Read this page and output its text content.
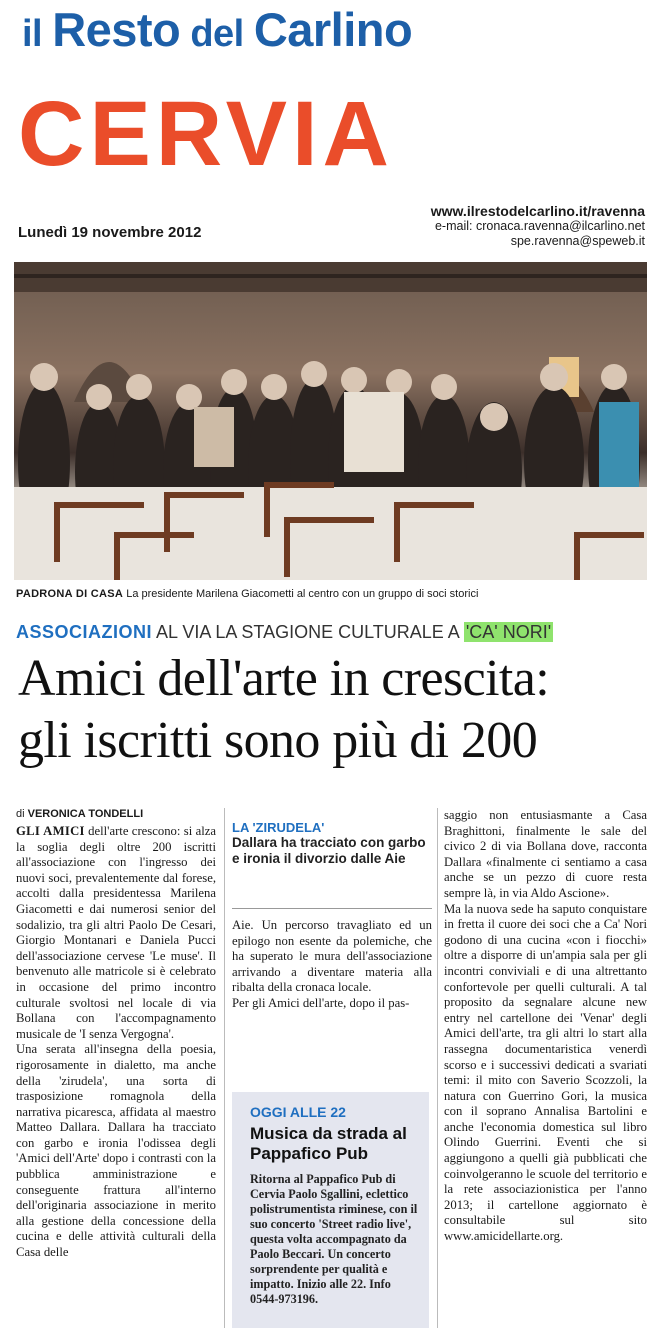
il Resto del Carlino
CERVIA
Lunedì 19 novembre 2012
www.ilrestodelcarlino.it/ravenna
e-mail: cronaca.ravenna@ilcarlino.net
spe.ravenna@speweb.it
PADRONA DI CASA La presidente Marilena Giacometti al centro con un gruppo di soci storici
ASSOCIAZIONI AL VIA LA STAGIONE CULTURALE A 'CA' NORI'
Amici dell'arte in crescita:
gli iscritti sono più di 200
di VERONICA TONDELLI

GLI AMICI dell'arte crescono: si alza la soglia degli oltre 200 iscritti all'associazione con l'ingresso dei nuovi soci, prevalentemente dal forese, accolti dalla presidentessa Marilena Giacometti e dai numerosi senior del sodalizio, tra gli altri Paolo De Cesari, Giorgio Montanari e Daniela Pucci dell'associazione cervese 'Le muse'. Il benvenuto alle matricole si è celebrato in occasione del primo incontro culturale svoltosi nel locale di via Bollana con l'accompagnamento musicale de 'I senza Vergogna'.

Una serata all'insegna della poesia, rigorosamente in dialetto, ma anche della 'zirudela', una sorta di trasposizione romagnola della narrativa picaresca, affidata al maestro Matteo Dallara. Dallara ha tracciato con garbo e ironia l'odissea degli 'Amici dell'Arte' dopo i contrasti con la pubblica amministrazione e conseguente frattura all'interno dell'originaria associazione in merito alla gestione della concessione della cucina e delle attività culturali della Casa delle

LA 'ZIRUDELA'
Dallara ha tracciato con garbo e ironia il divorzio dalle Aie

Aie. Un percorso travagliato ed un epilogo non esente da polemiche, che ha superato le mura dell'associazione arrivando a diventare materia alla ribalta della cronaca locale.

Per gli Amici dell'arte, dopo il pas-

OGGI ALLE 22
Musica da strada al Pappafico Pub
Ritorna al Pappafico Pub di Cervia Paolo Sgallini, eclettico polistrumentista riminese, con il suo concerto 'Street radio live', questa volta accompagnato da Paolo Beccari. Un concerto sorprendente per qualità e impatto. Inizio alle 22. Info 0544-973196.

saggio non entusiasmante a Casa Braghittoni, finalmente le sale del civico 2 di via Bollana dove, racconta Dallara «finalmente ci sentiamo a casa anche se un pezzo di cuore resta sempre là, in via Aldo Ascione».

Ma la nuova sede ha saputo conquistare in fretta il cuore dei soci che a Ca' Nori godono di una cucina «con i fiocchi» oltre a disporre di un'ampia sala per gli incontri conviviali e di una altrettanto confortevole per quelli culturali. A tal proposito da segnalare alcune new entry nel cartellone dei 'Venar' degli Amici dell'arte, tra gli altri lo start alla rassegna documentaristica venerdì scorso e i successivi dedicati a svariati temi: il mito con Saverio Scozzoli, la natura con Guerrino Gori, la musica con il soprano Annalisa Bartolini e anche l'economia domestica sul libro Olindo Guerrini. Eventi che si aggiungono a quelli già pubblicati che coinvolgeranno le scuole del territorio e la rete associazionistica per l'anno 2013; il cartellone aggiornato è consultabile sul sito www.amicidellarte.org.
